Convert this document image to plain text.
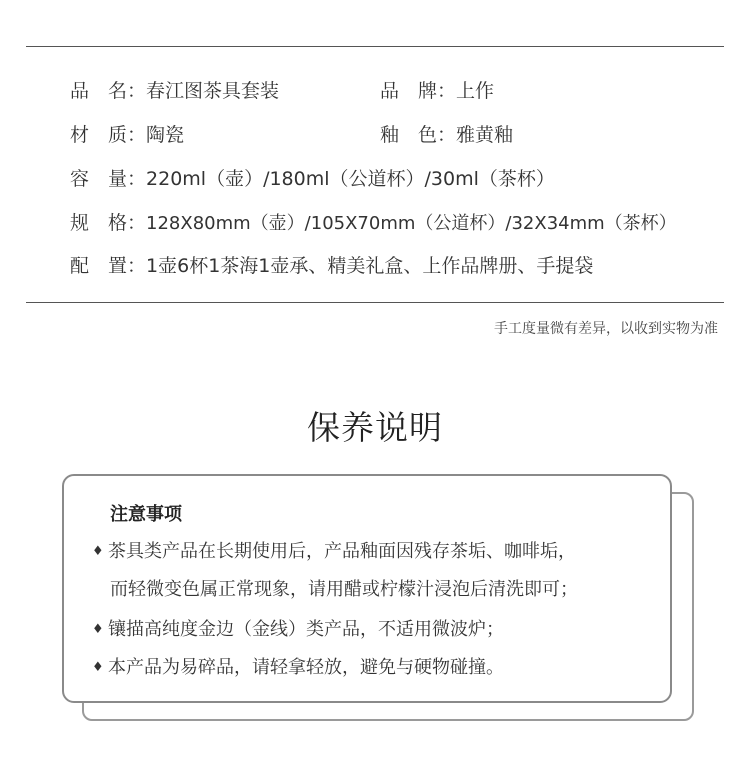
品　名：春江图茶具套装	品　牌：上作
材　质：陶瓷	釉　色：雅黄釉
容　量：220ml（壶）/180ml（公道杯）/30ml（茶杯）
规　格：128X80mm（壶）/105X70mm（公道杯）/32X34mm（茶杯）
配　置：1壶6杯1茶海1壶承、精美礼盒、上作品牌册、手提袋
手工度量微有差异，以收到实物为准
保养说明
注意事项
♦ 茶具类产品在长期使用后，产品釉面因残存茶垢、咖啡垢，
而轻微变色属正常现象，请用醋或柠檬汁浸泡后清洗即可；
♦ 镶描高纯度金边（金线）类产品，不适用微波炉；
♦ 本产品为易碎品，请轻拿轻放，避免与硬物碰撞。
